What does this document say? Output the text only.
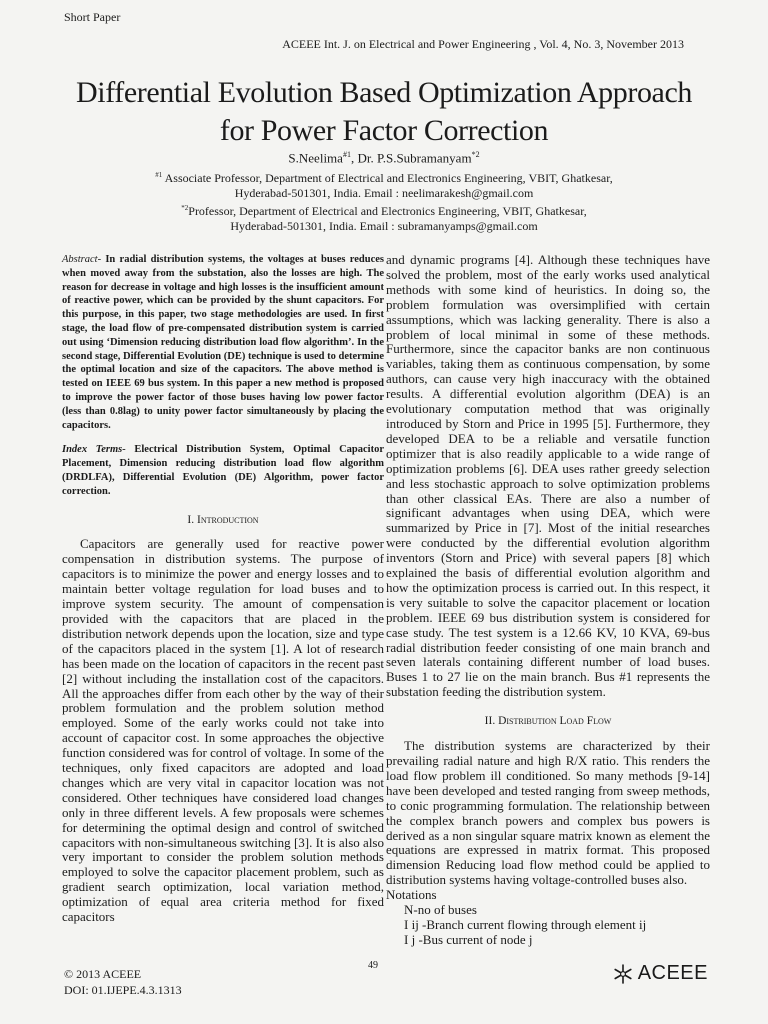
Short Paper
ACEEE Int. J. on Electrical and Power Engineering , Vol. 4, No. 3, November 2013
Differential Evolution Based Optimization Approach
for Power Factor Correction
S.Neelima$^{\#1}$, Dr. P.S.Subramanyam$^{*2}$
$^{\#1}$ Associate Professor, Department of Electrical and Electronics Engineering, VBIT, Ghatkesar,
Hyderabad-501301, India. Email : neelimarakesh@gmail.com
$^{*2}$Professor, Department of Electrical and Electronics Engineering, VBIT, Ghatkesar,
Hyderabad-501301, India. Email : subramanyamps@gmail.com

Abstract- In radial distribution systems, the voltages at buses reduces when moved away from the substation, also the losses are high. The reason for decrease in voltage and high losses is the insufficient amount of reactive power, which can be provided by the shunt capacitors. For this purpose, in this paper, two stage methodologies are used. In first stage, the load flow of pre-compensated distribution system is carried out using ‘Dimension reducing distribution load flow algorithm’. In the second stage, Differential Evolution (DE) technique is used to determine the optimal location and size of the capacitors. The above method is tested on IEEE 69 bus system. In this paper a new method is proposed to improve the power factor of those buses having low power factor (less than 0.8lag) to unity power factor simultaneously by placing the capacitors.

Index Terms- Electrical Distribution System, Optimal Capacitor Placement, Dimension reducing distribution load flow algorithm (DRDLFA), Differential Evolution (DE) Algorithm, power factor correction.

I. Introduction

Capacitors are generally used for reactive power compensation in distribution systems. The purpose of capacitors is to minimize the power and energy losses and to maintain better voltage regulation for load buses and to improve system security. The amount of compensation provided with the capacitors that are placed in the distribution network depends upon the location, size and type of the capacitors placed in the system [1]. A lot of research has been made on the location of capacitors in the recent past [2] without including the installation cost of the capacitors. All the approaches differ from each other by the way of their problem formulation and the problem solution method employed. Some of the early works could not take into account of capacitor cost. In some approaches the objective function considered was for control of voltage. In some of the techniques, only fixed capacitors are adopted and load changes which are very vital in capacitor location was not considered. Other techniques have considered load changes only in three different levels. A few proposals were schemes for determining the optimal design and control of switched capacitors with non-simultaneous switching [3]. It is also also very important to consider the problem solution methods employed to solve the capacitor placement problem, such as gradient search optimization, local variation method, optimization of equal area criteria method for fixed capacitors

and dynamic programs [4]. Although these techniques have solved the problem, most of the early works used analytical methods with some kind of heuristics. In doing so, the problem formulation was oversimplified with certain assumptions, which was lacking generality. There is also a problem of local minimal in some of these methods. Furthermore, since the capacitor banks are non continuous variables, taking them as continuous compensation, by some authors, can cause very high inaccuracy with the obtained results. A differential evolution algorithm (DEA) is an evolutionary computation method that was originally introduced by Storn and Price in 1995 [5]. Furthermore, they developed DEA to be a reliable and versatile function optimizer that is also readily applicable to a wide range of optimization problems [6]. DEA uses rather greedy selection and less stochastic approach to solve optimization problems than other classical EAs. There are also a number of significant advantages when using DEA, which were summarized by Price in [7]. Most of the initial researches were conducted by the differential evolution algorithm inventors (Storn and Price) with several papers [8] which explained the basis of differential evolution algorithm and how the optimization process is carried out. In this respect, it is very suitable to solve the capacitor placement or location problem. IEEE 69 bus distribution system is considered for case study. The test system is a 12.66 KV, 10 KVA, 69-bus radial distribution feeder consisting of one main branch and seven laterals containing different number of load buses. Buses 1 to 27 lie on the main branch. Bus #1 represents the substation feeding the distribution system.

II. Distribution Load Flow

The distribution systems are characterized by their prevailing radial nature and high R/X ratio. This renders the load flow problem ill conditioned. So many methods [9-14] have been developed and tested ranging from sweep methods, to conic programming formulation. The relationship between the complex branch powers and complex bus powers is derived as a non singular square matrix known as element the equations are expressed in matrix format. This proposed dimension Reducing load flow method could be applied to distribution systems having voltage-controlled buses also.

Notations

N-no of buses
I ij -Branch current flowing through element ij
I j -Bus current of node j
49
© 2013 ACEEE
DOI: 01.IJEPE.4.3.1313
ACEEE
